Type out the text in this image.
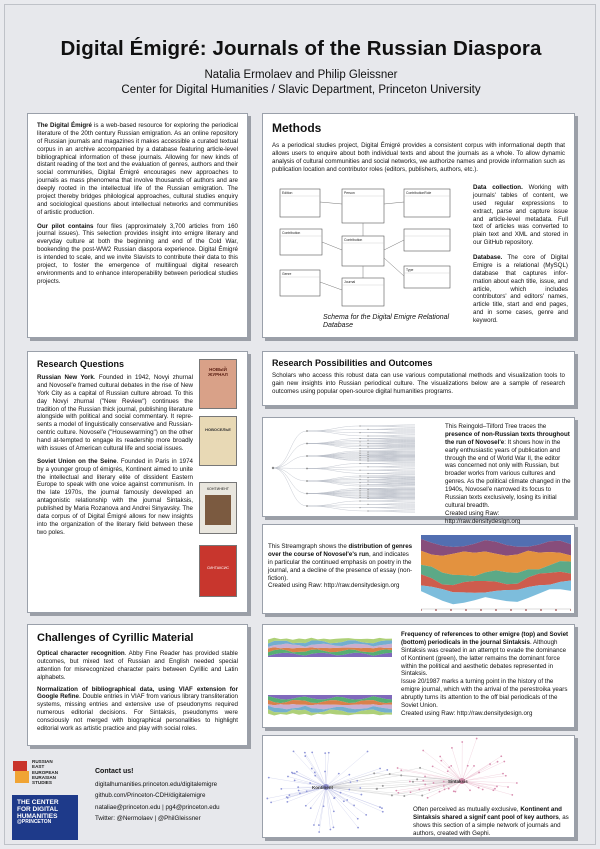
Digital Émigré: Journals of the Russian Diaspora
Natalia Ermolaev and Philip Gleissner
Center for Digital Humanities / Slavic Department, Princeton University

The Digital Émigré is a web-based resource for exploring the periodical literature of the 20th century Russian emigration. As an online repository of Russian journals and magazines it makes accessible a curated textual corpus in an archive accompanied by a database featuring article-level bibliographical information of these journals. Allowing for new kinds of distant reading of the text and the evaluation of genres, authors and their social communities, Digital Émigré encourages new approaches to journals as mass phenomena that involve thousands of authors and are deeply rooted in the intellectual life of the Russian emigration. The project thereby bridges philological approaches, cultural studies enquiry and sociological questions about intellectual networks and communities of artistic production.

Our pilot contains four files (approximately 3,700 articles from 160 journal issues). This selection provides insight into emigre literary and everyday culture at both the beginning and end of the Cold War, bookending the post-WW2 Russian diaspora experience. Digital Émigré is intended to scale, and we invite Slavists to contribute their data to this project, to foster the emergence of multilingual digital research environments and to enhance interoperability between periodical studies projects.

Methods
As a periodical studies project, Digital Émigré provides a consistent corpus with informational depth that allows users to enquire about both individual texts and about the journals as a whole. To allow dynamic analysis of cultural communities and social networks, we authorize names and provide information such as publication location and contributor roles (editors, publishers, authors, etc.).
Edition	Person	ContributionRole
Contribution
Contribution
Type
Journal
Genre
Schema for the Digital Emigre Relational Database
Data collection. Working with journals' tables of content, we used regular expressions to extract, parse and capture issue and article-level metadata. Full text of articles was converted to plain text and XML and stored in our GitHub repository.
Database. The core of Digital Emigre is a relational (MySQL) database that captures infor-mation about each title, issue, and article, which includes contributors' and editors' names, article title, start and end pages, and in some cases, genre and keyword.
Research Questions

Russian New York. Founded in 1942, Novyi zhurnal and Novosel'e framed cultural debates in the rise of New York City as a capital of Russian culture abroad. To this day Novyi zhurnal ("New Review") continues the tradition of the Russian thick journal, publishing literature alongside with political and social commentary. It repre-sents a model of linguistically conservative and Russian-centric culture. Novosel'e ("Housewarming") on the other hand at-tempted to engage its readership more broadly with issues of American cultural life and social issues.

Soviet Union on the Seine. Founded in Paris in 1974 by a younger group of émigrés, Kontinent aimed to unite the intellectual and literary elite of dissident Eastern Europe to speak with one voice against communism. In the late 1970s, the journal famously developed an antagonistic relationship with the journal Sintaksis, published by Maria Rozanova and Andrei Sinyavsky. The data corpus of of Digital Émigré allows for new insights into the organization of the literary field between these two poles.

НОВЫЙ ЖУРНАЛ
НОВОСЕЛЬЕ
КОНТИНЕНТ
СИНТАКСИС
Challenges of Cyrillic Material

Optical character recognition. Abby Fine Reader has provided stable outcomes, but mixed text of Russian and English needed special attention for misrecognized character pairs between Cyrillic and Latin alphabets.

Normalization of bibliographical data, using VIAF extension for Google Refine. Double entries in VIAF from various library transliteration systems, missing entries and extensive use of pseudonyms required numerous editorial decisions. For Sintaksis, pseudonyms were consciously not merged with biographical personalities to highlight editorial work as artistic practice and play with social roles.

RUSSIAN
EAST
EUROPEAN
EURASIAN
STUDIES
THE CENTER
FOR DIGITAL
HUMANITIES
@PRINCETON
Contact us!
digitalhumanities.princeton.edu/digitalemigre
github.com/Princeton-CDH/digitalemigre
nataliae@princeton.edu | pg4@princeton.edu
Twitter: @Nermolaev | @PhilGleissner
Research Possibilities and Outcomes
Scholars who access this robust data can use various computational methods and visualization tools to gain new insights into Russian periodical culture. The visualizations below are a sample of research outcomes using popular open-source digital humanities programs.
This Reingold–Tilford Tree traces the presence of non-Russian texts throughout the run of Novosel'e: It shows how in the early enthusiastic years of publication and through the end of World War II, the editor was concerned not only with Russian, but broader works from various cultures and genres. As the political climate changed in the 1940s, Novosel'e narrowed its focus to Russian texts exclusively, losing its initial cultural breadth.
Created using Raw: http://raw.densitydesign.org
This Streamgraph shows the distribution of genres over the course of Novosel'e's run, and indicates in particular the continued emphasis on poetry in the journal, and a decline of the presence of essay (non-fiction).
Created using Raw: http://raw.densitydesign.org
Frequency of references to other emigre (top) and Soviet (bottom) periodicals in the journal Sintaksis. Although Sintaksis was created in an attempt to evade the dominance of Kontinent (green), the latter remains the dominant force within the political and aesthetic debates represented in Sintaksis.
Issue 20/1987 marks a turning point in the history of the emigre journal, which with the arrival of the perestroika years abruptly turns its attention to the off bial periodicals of the Soviet Union.
Created using Raw: http://raw.densitydesign.org
Kontinent
Sintaksis
Often perceived as mutually exclusive, Kontinent and Sintaksis shared a signif cant pool of key authors, as shows this section of a simple network of journals and authors, created with Gephi.
